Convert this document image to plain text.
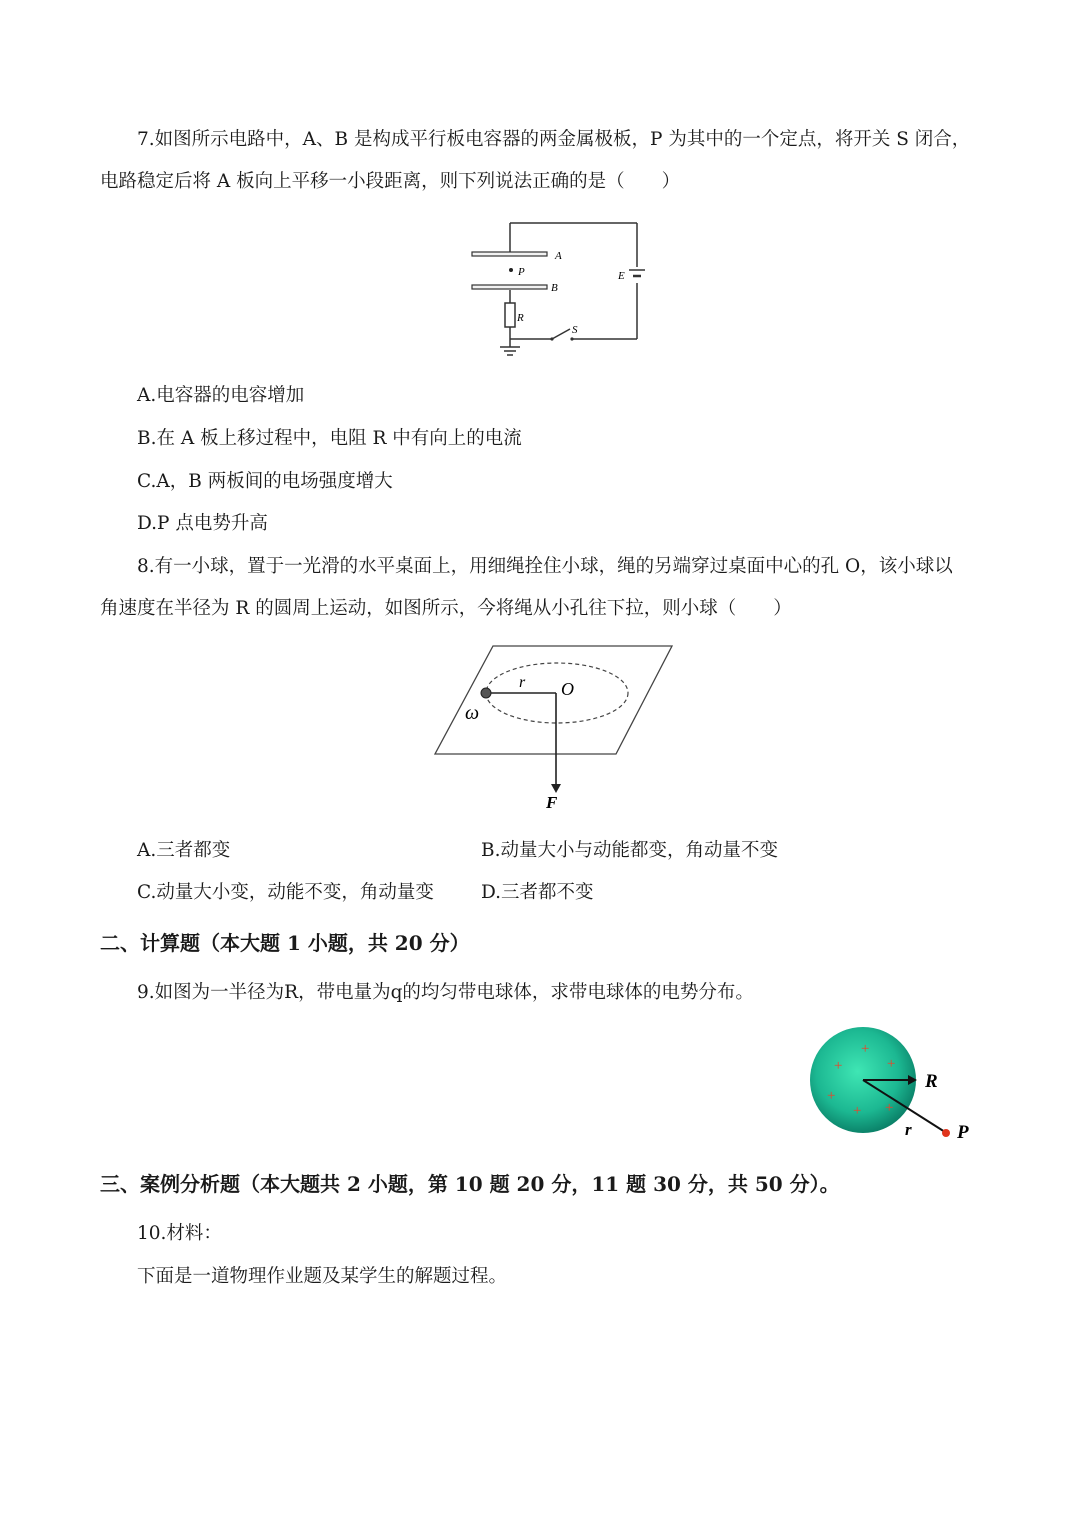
7.如图所示电路中，A、B 是构成平行板电容器的两金属极板，P 为其中的一个定点，将开关 S 闭合，
电路稳定后将 A 板向上平移一小段距离，则下列说法正确的是（　　）
A
B
P
R
E
S
A.电容器的电容增加
B.在 A 板上移过程中，电阻 R 中有向上的电流
C.A，B 两板间的电场强度增大
D.P 点电势升高
8.有一小球，置于一光滑的水平桌面上，用细绳拴住小球，绳的另端穿过桌面中心的孔 O，该小球以
角速度在半径为 R 的圆周上运动，如图所示，今将绳从小孔往下拉，则小球（　　）
r O
ω
F
A.三者都变	B.动量大小与动能都变，角动量不变
C.动量大小变，动能不变，角动量变	D.三者都不变
二、计算题（本大题 1 小题，共 20 分）
9.如图为一半径为R，带电量为q的均匀带电球体，求带电球体的电势分布。
+
+	+
+
+ +
R
r P
三、案例分析题（本大题共 2 小题，第 10 题 20 分，11 题 30 分，共 50 分）。
10.材料：
下面是一道物理作业题及某学生的解题过程。
